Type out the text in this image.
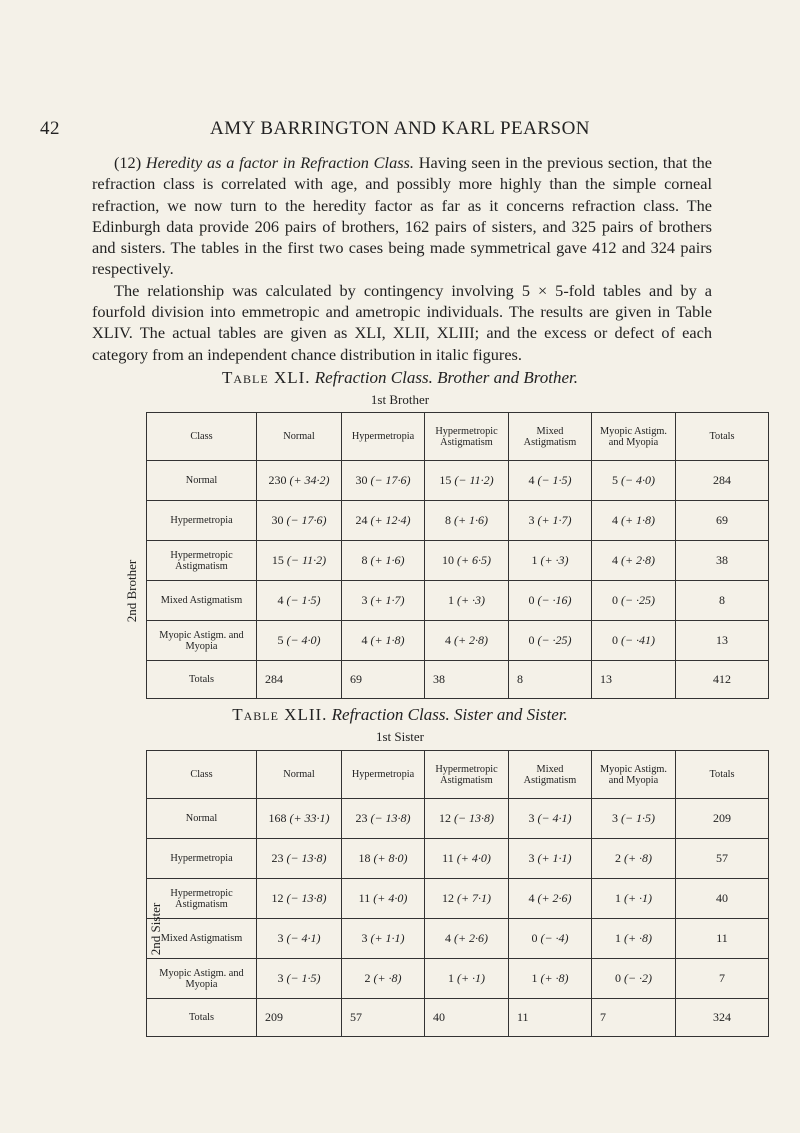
42	AMY BARRINGTON AND KARL PEARSON

(12) Heredity as a factor in Refraction Class. Having seen in the previous section, that the refraction class is correlated with age, and possibly more highly than the simple corneal refraction, we now turn to the heredity factor as far as it concerns refraction class. The Edinburgh data provide 206 pairs of brothers, 162 pairs of sisters, and 325 pairs of brothers and sisters. The tables in the first two cases being made symmetrical gave 412 and 324 pairs respectively.

The relationship was calculated by contingency involving 5 × 5-fold tables and by a fourfold division into emmetropic and ametropic individuals. The results are given in Table XLIV. The actual tables are given as XLI, XLII, XLIII; and the excess or defect of each category from an independent chance distribution in italic figures.

Table XLI. Refraction Class. Brother and Brother.
1st Brother
Class	Normal	Hypermetropia	Hypermetropic Astigmatism	Mixed Astigmatism	Myopic Astigm. and Myopia	Totals
Normal	230 (+ 34·2)	30 (− 17·6)	15 (− 11·2)	4 (− 1·5)	5 (− 4·0)	284
Hypermetropia	30 (− 17·6)	24 (+ 12·4)	8 (+ 1·6)	3 (+ 1·7)	4 (+ 1·8)	69
Hypermetropic Astigmatism	15 (− 11·2)	8 (+ 1·6)	10 (+ 6·5)	1 (+ ·3)	4 (+ 2·8)	38
Mixed Astigmatism	4 (− 1·5)	3 (+ 1·7)	1 (+ ·3)	0 (− ·16)	0 (− ·25)	8
Myopic Astigm. and Myopia	5 (− 4·0)	4 (+ 1·8)	4 (+ 2·8)	0 (− ·25)	0 (− ·41)	13
Totals	284	69	38	8	13	412
2nd Brother
Table XLII. Refraction Class. Sister and Sister.
1st Sister
Class	Normal	Hypermetropia	Hypermetropic Astigmatism	Mixed Astigmatism	Myopic Astigm. and Myopia	Totals
Normal	168 (+ 33·1)	23 (− 13·8)	12 (− 13·8)	3 (− 4·1)	3 (− 1·5)	209
Hypermetropia	23 (− 13·8)	18 (+ 8·0)	11 (+ 4·0)	3 (+ 1·1)	2 (+ ·8)	57
Hypermetropic Astigmatism	12 (− 13·8)	11 (+ 4·0)	12 (+ 7·1)	4 (+ 2·6)	1 (+ ·1)	40
Mixed Astigmatism	3 (− 4·1)	3 (+ 1·1)	4 (+ 2·6)	0 (− ·4)	1 (+ ·8)	11
Myopic Astigm. and Myopia	3 (− 1·5)	2 (+ ·8)	1 (+ ·1)	1 (+ ·8)	0 (− ·2)	7
Totals	209	57	40	11	7	324
2nd Sister
